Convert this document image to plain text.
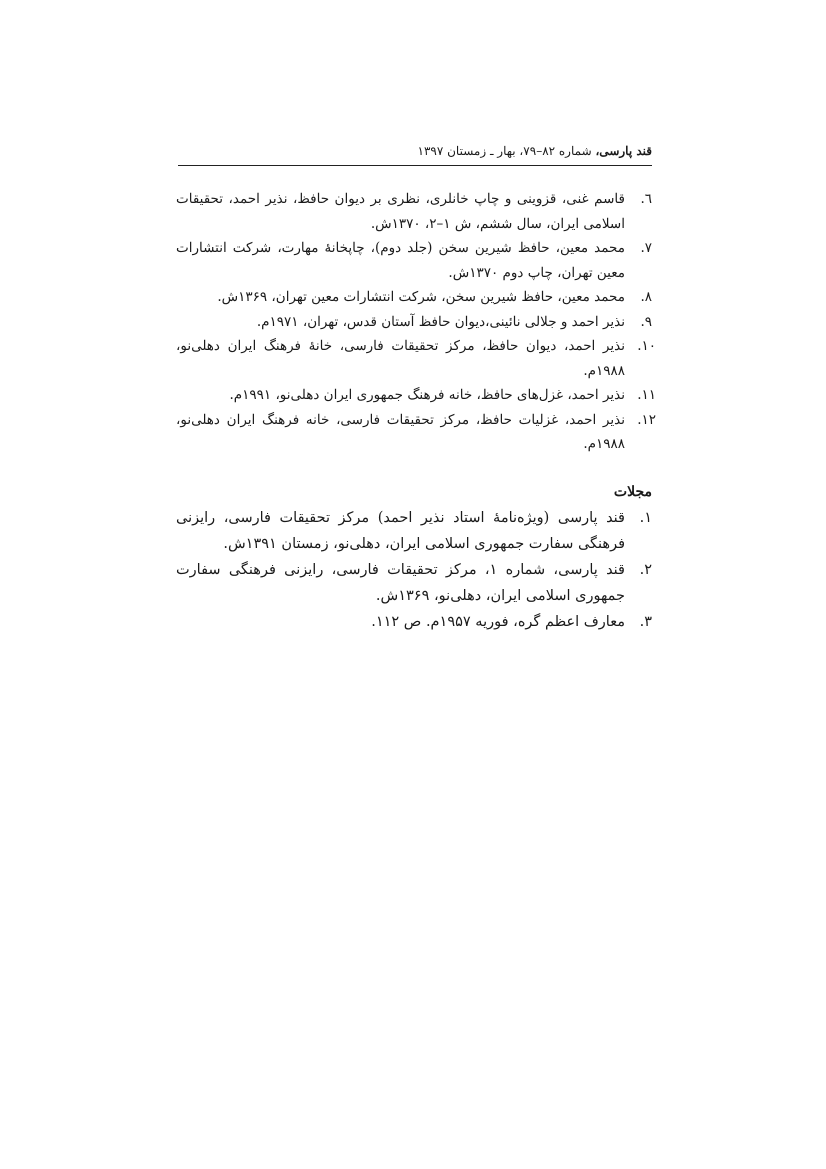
قند پارسی، شماره ۸۲–۷۹، بهار ـ زمستان ۱۳۹۷
٦.
قاسم غنی، قزوینی و چاپ خانلری، نظری بر دیوان حافظ، نذیر احمد، تحقیقات اسلامی ایران، سال ششم، ش ۱–۲، ۱۳۷۰ش.
٧.
محمد معین، حافظ شیرین سخن (جلد دوم)، چاپخانۀ مهارت، شرکت انتشارات معین تهران، چاپ دوم ۱۳۷۰ش.
٨.
محمد معین، حافظ شیرین سخن، شرکت انتشارات معین تهران، ۱۳۶۹ش.
٩.
نذیر احمد و جلالی نائینی،دیوان حافظ آستان قدس، تهران، ۱۹۷۱م.
١٠.
نذیر احمد، دیوان حافظ، مرکز تحقیقات فارسی، خانۀ فرهنگ ایران دهلی‌نو، ۱۹۸۸م.
١١.
نذیر احمد، غزل‌های حافظ، خانه فرهنگ جمهوری ایران دهلی‌نو، ۱۹۹۱م.
١٢.
نذیر احمد، غزلیات حافظ، مرکز تحقیقات فارسی، خانه فرهنگ ایران دهلی‌نو، ۱۹۸۸م.
مجلات
١.
قند پارسی (ویژه‌نامۀ استاد نذیر احمد) مرکز تحقیقات فارسی، رایزنی فرهنگی سفارت جمهوری اسلامی ایران، دهلی‌نو، زمستان ۱۳۹۱ش.
٢.
قند پارسی، شماره ۱، مرکز تحقیقات فارسی، رایزنی فرهنگی سفارت جمهوری اسلامی ایران، دهلی‌نو، ۱۳۶۹ش.
٣.
معارف اعظم گره، فوریه ۱۹۵۷م. ص ۱۱۲.
